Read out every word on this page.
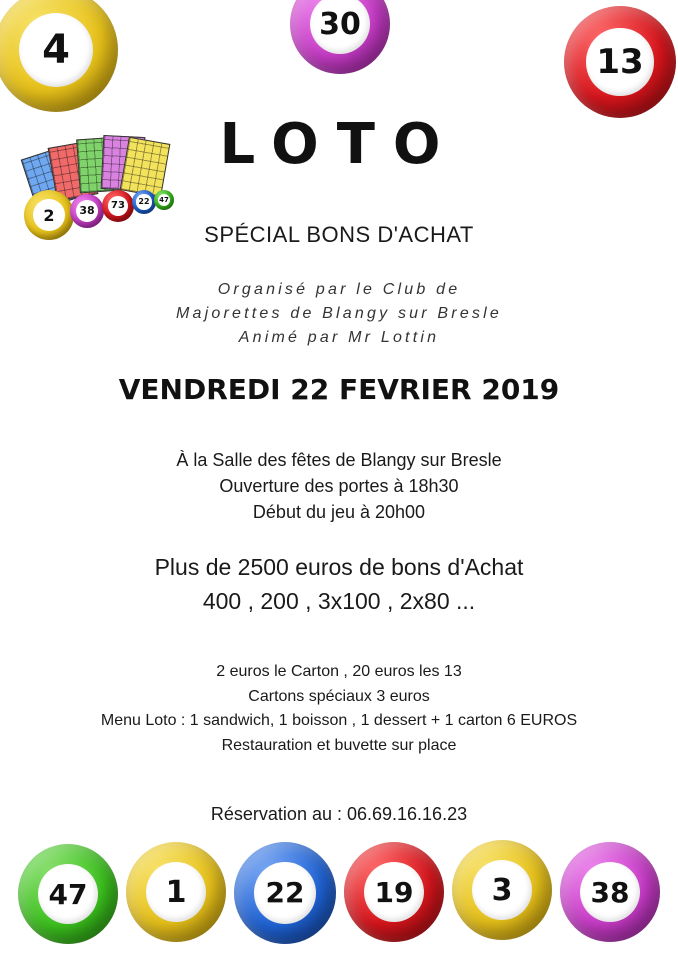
4
30
13
2	38	73	22	47
LOTO
SPÉCIAL BONS D'ACHAT
Organisé par le Club de
Majorettes de Blangy sur Bresle
Animé par Mr Lottin
VENDREDI 22 FEVRIER 2019
À la Salle des fêtes de Blangy sur Bresle
Ouverture des portes à 18h30
Début du jeu à 20h00
Plus de 2500 euros de bons d'Achat
400 , 200 , 3x100 , 2x80 ...
2 euros le Carton , 20 euros les 13
Cartons spéciaux 3 euros
Menu Loto : 1 sandwich, 1 boisson , 1 dessert + 1 carton 6 EUROS
Restauration et buvette sur place
Réservation au : 06.69.16.16.23
47	1	22	19	3	38
